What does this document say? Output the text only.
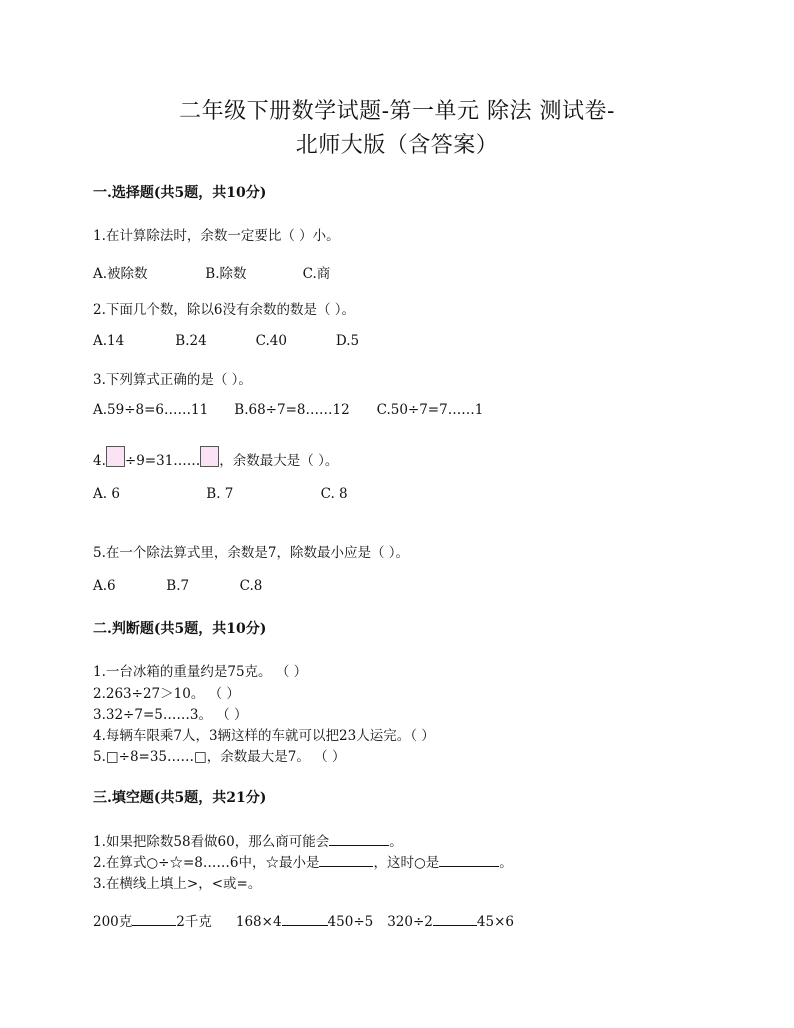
二年级下册数学试题-第一单元 除法 测试卷-
北师大版（含答案）
一.选择题(共5题，共10分)
1.在计算除法时，余数一定要比（ ）小。
A.被除数	B.除数	C.商
2.下面几个数，除以6没有余数的数是（ ）。
A.14	B.24	C.40	D.5
3.下列算式正确的是（ ）。
A.59÷8=6……11 B.68÷7=8……12 C.50÷7=7……1
4. ÷9=31…… ，余数最大是（ ）。
A. 6	B. 7	C. 8
5.在一个除法算式里，余数是7，除数最小应是（ ）。
A.6	B.7	C.8
二.判断题(共5题，共10分)
1.一台冰箱的重量约是75克。 （ ）
2.263÷27＞10。 （ ）
3.32÷7=5……3。 （ ）
4.每辆车限乘7人，3辆这样的车就可以把23人运完。（ ）
5.□÷8=35……□，余数最大是7。 （ ）
三.填空题(共5题，共21分)
1.如果把除数58看做60，那么商可能会	。
2.在算式○÷☆=8……6中，☆最小是	，这时○是	。
3.在横线上填上>，<或=。
200克	2千克 168×4	450÷5 320÷2	45×6
